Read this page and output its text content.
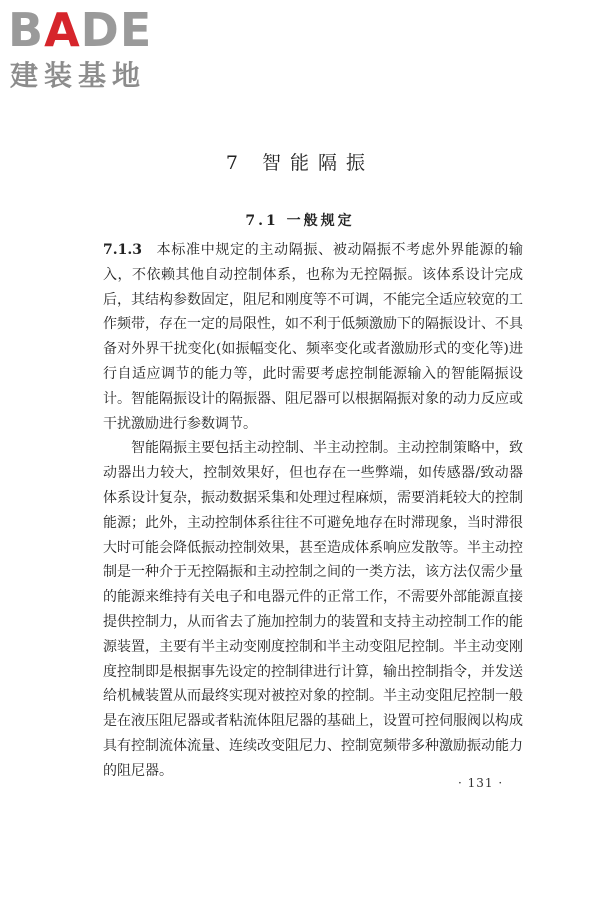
BADE
建装基地
7 智能隔振
7.1 一般规定

7.1.3 本标准中规定的主动隔振、被动隔振不考虑外界能源的输入，不依赖其他自动控制体系，也称为无控隔振。该体系设计完成后，其结构参数固定，阻尼和刚度等不可调，不能完全适应较宽的工作频带，存在一定的局限性，如不利于低频激励下的隔振设计、不具备对外界干扰变化(如振幅变化、频率变化或者激励形式的变化等)进行自适应调节的能力等，此时需要考虑控制能源输入的智能隔振设计。智能隔振设计的隔振器、阻尼器可以根据隔振对象的动力反应或干扰激励进行参数调节。

智能隔振主要包括主动控制、半主动控制。主动控制策略中，致动器出力较大，控制效果好，但也存在一些弊端，如传感器/致动器体系设计复杂，振动数据采集和处理过程麻烦，需要消耗较大的控制能源；此外，主动控制体系往往不可避免地存在时滞现象，当时滞很大时可能会降低振动控制效果，甚至造成体系响应发散等。半主动控制是一种介于无控隔振和主动控制之间的一类方法，该方法仅需少量的能源来维持有关电子和电器元件的正常工作，不需要外部能源直接提供控制力，从而省去了施加控制力的装置和支持主动控制工作的能源装置，主要有半主动变刚度控制和半主动变阻尼控制。半主动变刚度控制即是根据事先设定的控制律进行计算，输出控制指令，并发送给机械装置从而最终实现对被控对象的控制。半主动变阻尼控制一般是在液压阻尼器或者粘流体阻尼器的基础上，设置可控伺服阀以构成具有控制流体流量、连续改变阻尼力、控制宽频带多种激励振动能力的阻尼器。

· 131 ·
